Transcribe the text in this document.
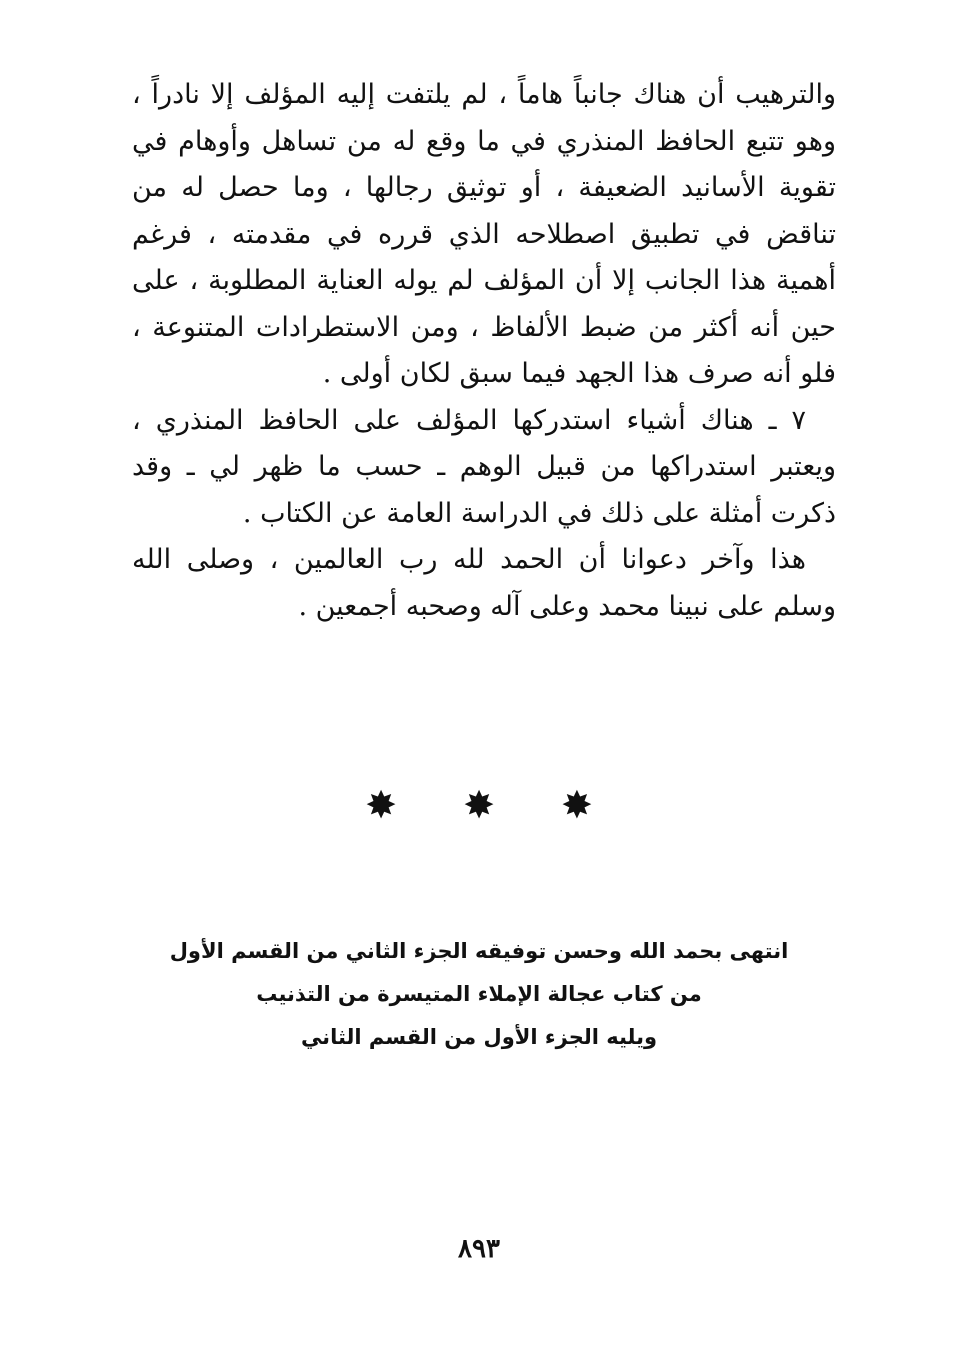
والترهيب أن هناك جانباً هاماً ، لم يلتفت إليه المؤلف إلا نادراً ، وهو تتبع الحافظ المنذري في ما وقع له من تساهل وأوهام في تقوية الأسانيد الضعيفة ، أو توثيق رجالها ، وما حصل له من تناقض في تطبيق اصطلاحه الذي قرره في مقدمته ، فرغم أهمية هذا الجانب إلا أن المؤلف لم يوله العناية المطلوبة ، على حين أنه أكثر من ضبط الألفاظ ، ومن الاستطرادات المتنوعة ، فلو أنه صرف هذا الجهد فيما سبق لكان أولى .

٧ ـ هناك أشياء استدركها المؤلف على الحافظ المنذري ، ويعتبر استدراكها من قبيل الوهم ـ حسب ما ظهر لي ـ وقد ذكرت أمثلة على ذلك في الدراسة العامة عن الكتاب .

هذا وآخر دعوانا أن الحمد لله رب العالمين ، وصلى الله وسلم على نبينا محمد وعلى آله وصحبه أجمعين .

✸ ✸ ✸
انتهى بحمد الله وحسن توفيقه الجزء الثاني من القسم الأول
من كتاب عجالة الإملاء المتيسرة من التذنيب
ويليه الجزء الأول من القسم الثاني
٨٩٣
